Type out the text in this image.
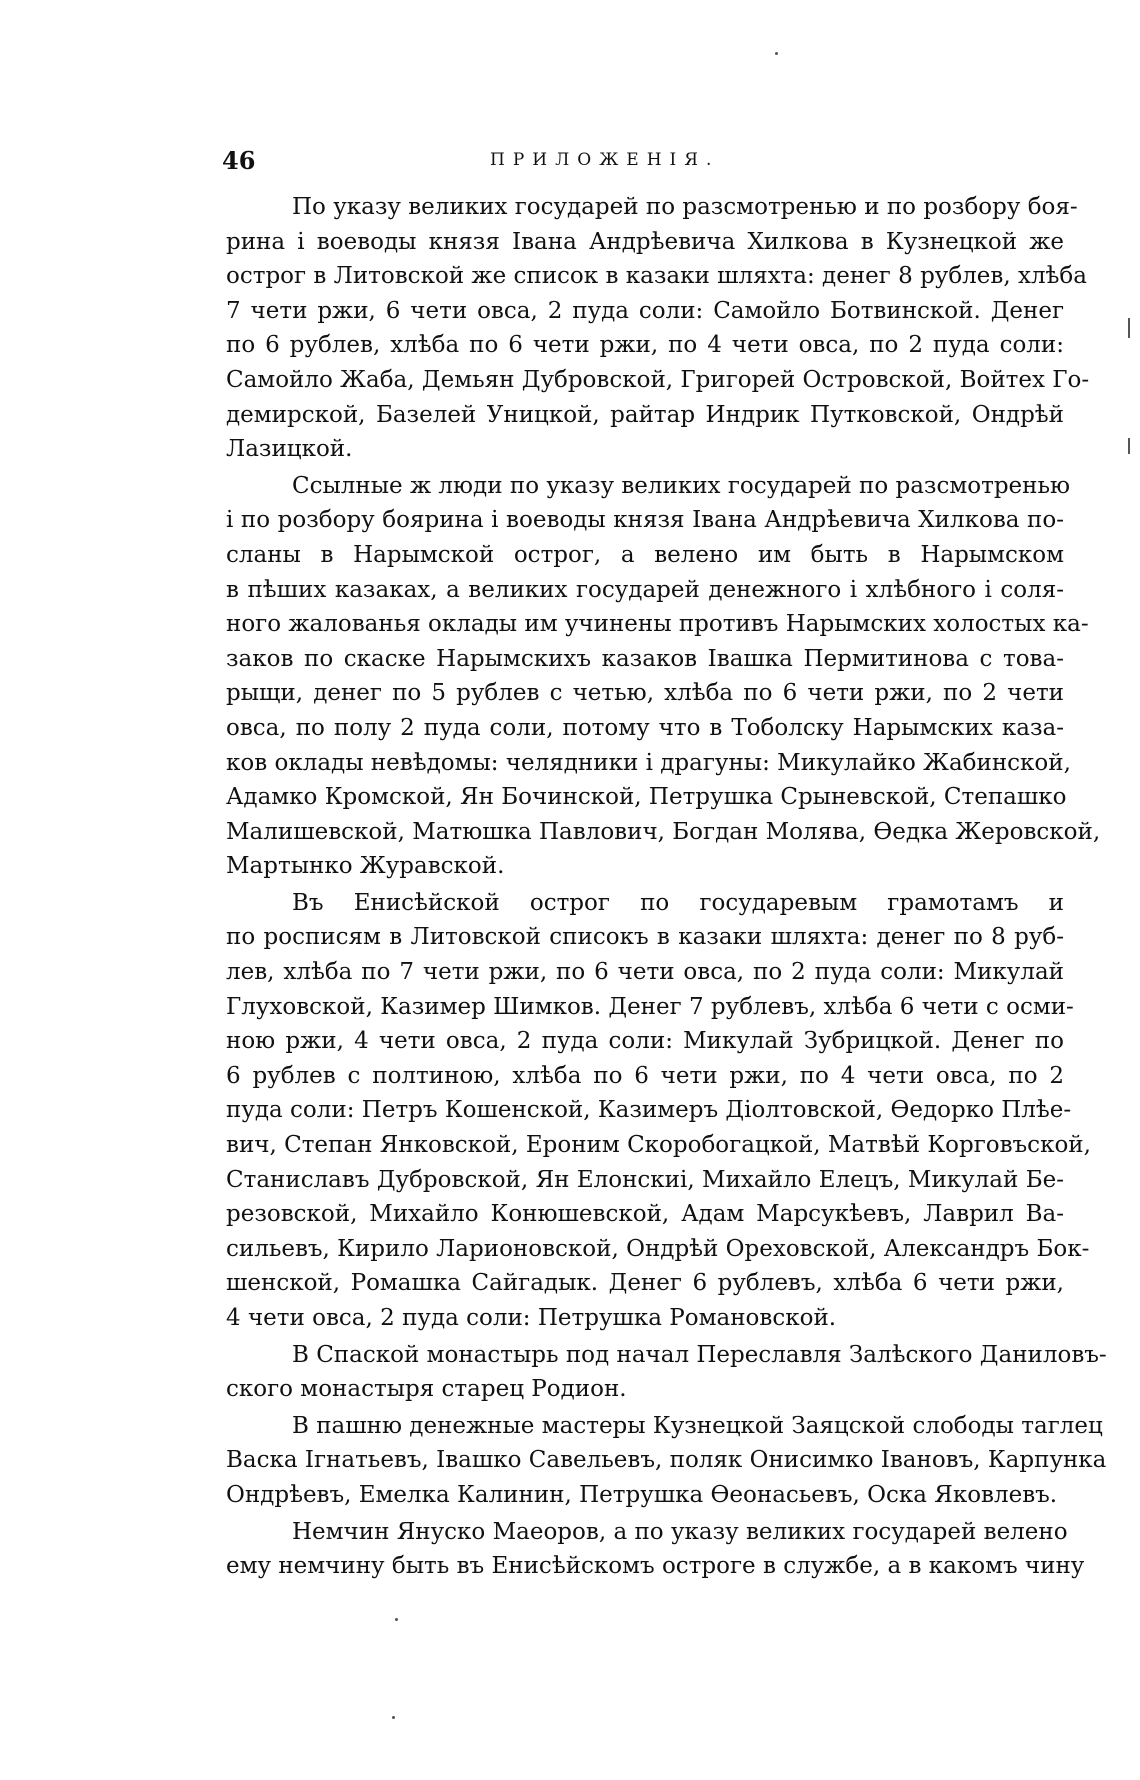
46	ПРИЛОЖЕНІЯ.
По указу великих государей по разсмотренью и по розбору боя-
рина і воеводы князя Івана Андрѣевича Хилкова в Кузнецкой же
острог в Литовской же список в казаки шляхта: денег 8 рублев, хлѣба
7 чети ржи, 6 чети овса, 2 пуда соли: Самойло Ботвинской. Денег
по 6 рублев, хлѣба по 6 чети ржи, по 4 чети овса, по 2 пуда соли:
Самойло Жаба, Демьян Дубровской, Григорей Островской, Войтех Го-
демирской, Базелей Уницкой, райтар Индрик Путковской, Ондрѣй
Лазицкой.
Ссылные ж люди по указу великих государей по разсмотренью
і по розбору боярина і воеводы князя Івана Андрѣевича Хилкова по-
сланы в Нарымской острог, а велено им быть в Нарымском
в пѣших казаках, а великих государей денежного і хлѣбного і соля-
ного жалованья оклады им учинены противъ Нарымских холостых ка-
заков по скаске Нарымскихъ казаков Івашка Пермитинова с това-
рыщи, денег по 5 рублев с четью, хлѣба по 6 чети ржи, по 2 чети
овса, по полу 2 пуда соли, потому что в Тоболску Нарымских каза-
ков оклады невѣдомы: челядники і драгуны: Микулайко Жабинской,
Адамко Кромской, Ян Бочинской, Петрушка Срыневской, Степашко
Малишевской, Матюшка Павлович, Богдан Молява, Ѳедка Жеровской,
Мартынко Журавской.
Въ Енисѣйской острог по государевым грамотамъ и
по росписям в Литовской списокъ в казаки шляхта: денег по 8 руб-
лев, хлѣба по 7 чети ржи, по 6 чети овса, по 2 пуда соли: Микулай
Глуховской, Казимер Шимков. Денег 7 рублевъ, хлѣба 6 чети с осми-
ною ржи, 4 чети овса, 2 пуда соли: Микулай Зубрицкой. Денег по
6 рублев с полтиною, хлѣба по 6 чети ржи, по 4 чети овса, по 2
пуда соли: Петръ Кошенской, Казимеръ Діолтовской, Ѳедорко Плѣе-
вич, Степан Янковской, Ероним Скоробогацкой, Матвѣй Корговъской,
Станиславъ Дубровской, Ян Елонскиі, Михайло Елецъ, Микулай Бе-
резовской, Михайло Конюшевской, Адам Марсукѣевъ, Лаврил Ва-
сильевъ, Кирило Ларионовской, Ондрѣй Ореховской, Александръ Бок-
шенской, Ромашка Сайгадык. Денег 6 рублевъ, хлѣба 6 чети ржи,
4 чети овса, 2 пуда соли: Петрушка Романовской.
В Спаской монастырь под начал Переславля Залѣского Даниловъ-
ского монастыря старец Родион.
В пашню денежные мастеры Кузнецкой Заяцской слободы таглец
Васка Ігнатьевъ, Івашко Савельевъ, поляк Онисимко Івановъ, Карпунка
Ондрѣевъ, Емелка Калинин, Петрушка Ѳеонасьевъ, Оска Яковлевъ.
Немчин Януско Маеоров, а по указу великих государей велено
ему немчину быть въ Енисѣйскомъ остроге в службе, а в какомъ чину
